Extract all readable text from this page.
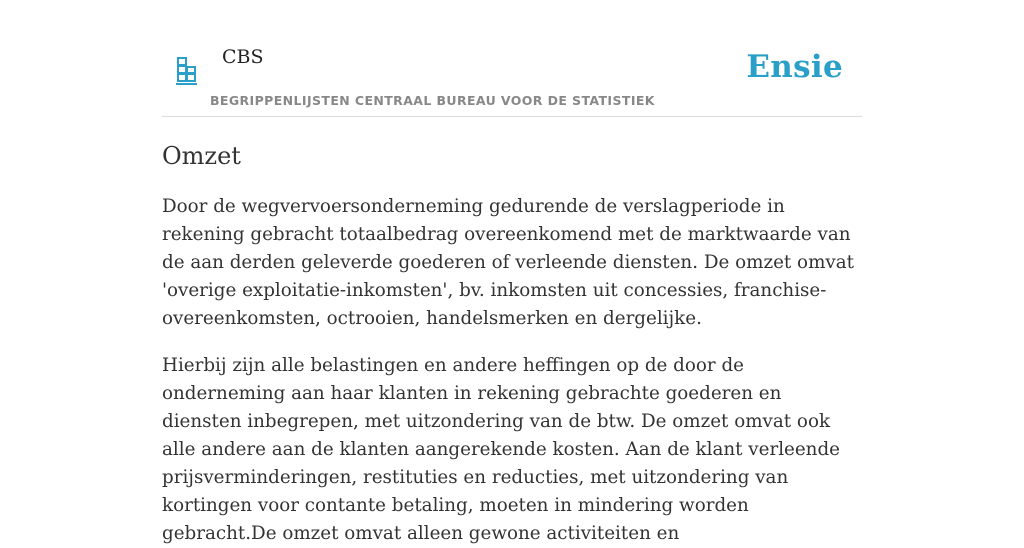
CBS
BEGRIPPENLIJSTEN CENTRAAL BUREAU VOOR DE STATISTIEK
Ensie
Omzet

Door de wegvervoersonderneming gedurende de verslagperiode in rekening gebracht totaalbedrag overeenkomend met de marktwaarde van de aan derden geleverde goederen of verleende diensten. De omzet omvat 'overige exploitatie-inkomsten', bv. inkomsten uit concessies, franchise-overeenkomsten, octrooien, handelsmerken en dergelijke.

Hierbij zijn alle belastingen en andere heffingen op de door de onderneming aan haar klanten in rekening gebrachte goederen en diensten inbegrepen, met uitzondering van de btw. De omzet omvat ook alle andere aan de klanten aangerekende kosten. Aan de klant verleende prijsverminderingen, restituties en reducties, met uitzondering van kortingen voor contante betaling, moeten in mindering worden gebracht.De omzet omvat alleen gewone activiteiten en
